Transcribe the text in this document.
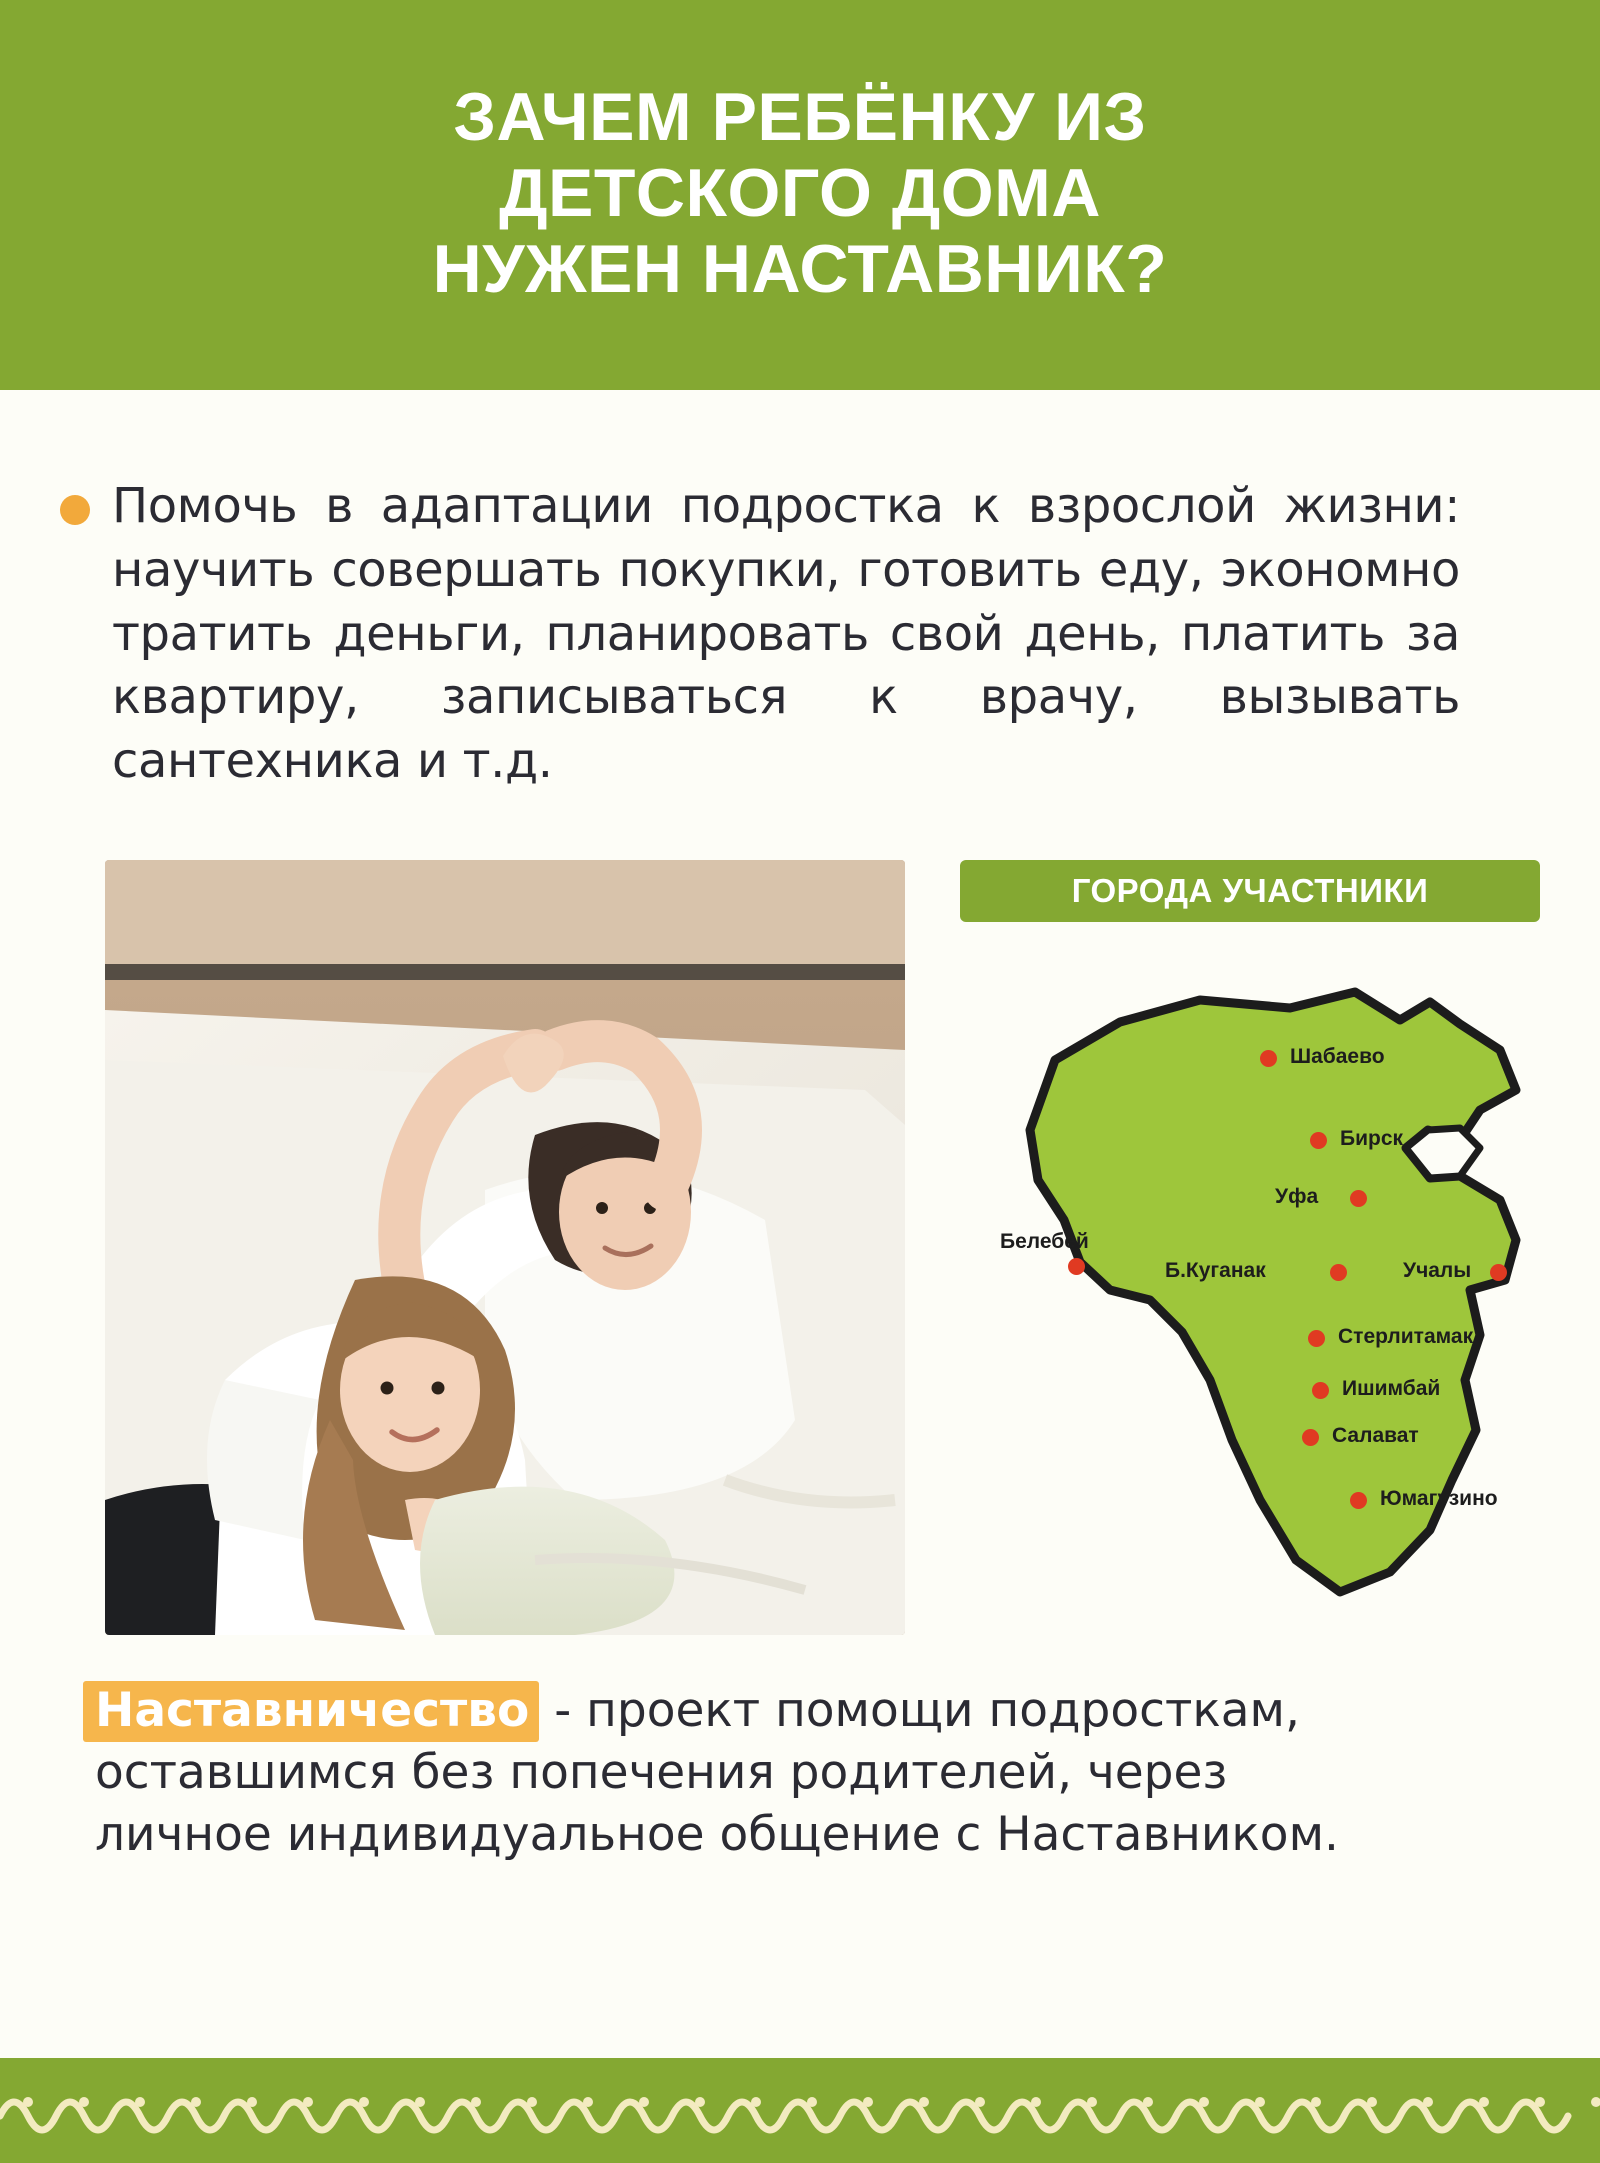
ЗАЧЕМ РЕБЁНКУ ИЗ
ДЕТСКОГО ДОМА
НУЖЕН НАСТАВНИК?
Помочь в адаптации подростка к взрослой жизни: научить совершать покупки, готовить еду, экономно тратить деньги, планировать свой день, платить за квартиру, записываться к врачу, вызывать сантехника и т.д.
ГОРОДА УЧАСТНИКИ
Шабаево
Бирск
Уфа
Белебей
Б.Куганак	Учалы
Стерлитамак
Ишимбай
Салават
Юмагузино
Наставничество - проект помощи подросткам,
оставшимся без попечения родителей, через
личное индивидуальное общение с Наставником.
